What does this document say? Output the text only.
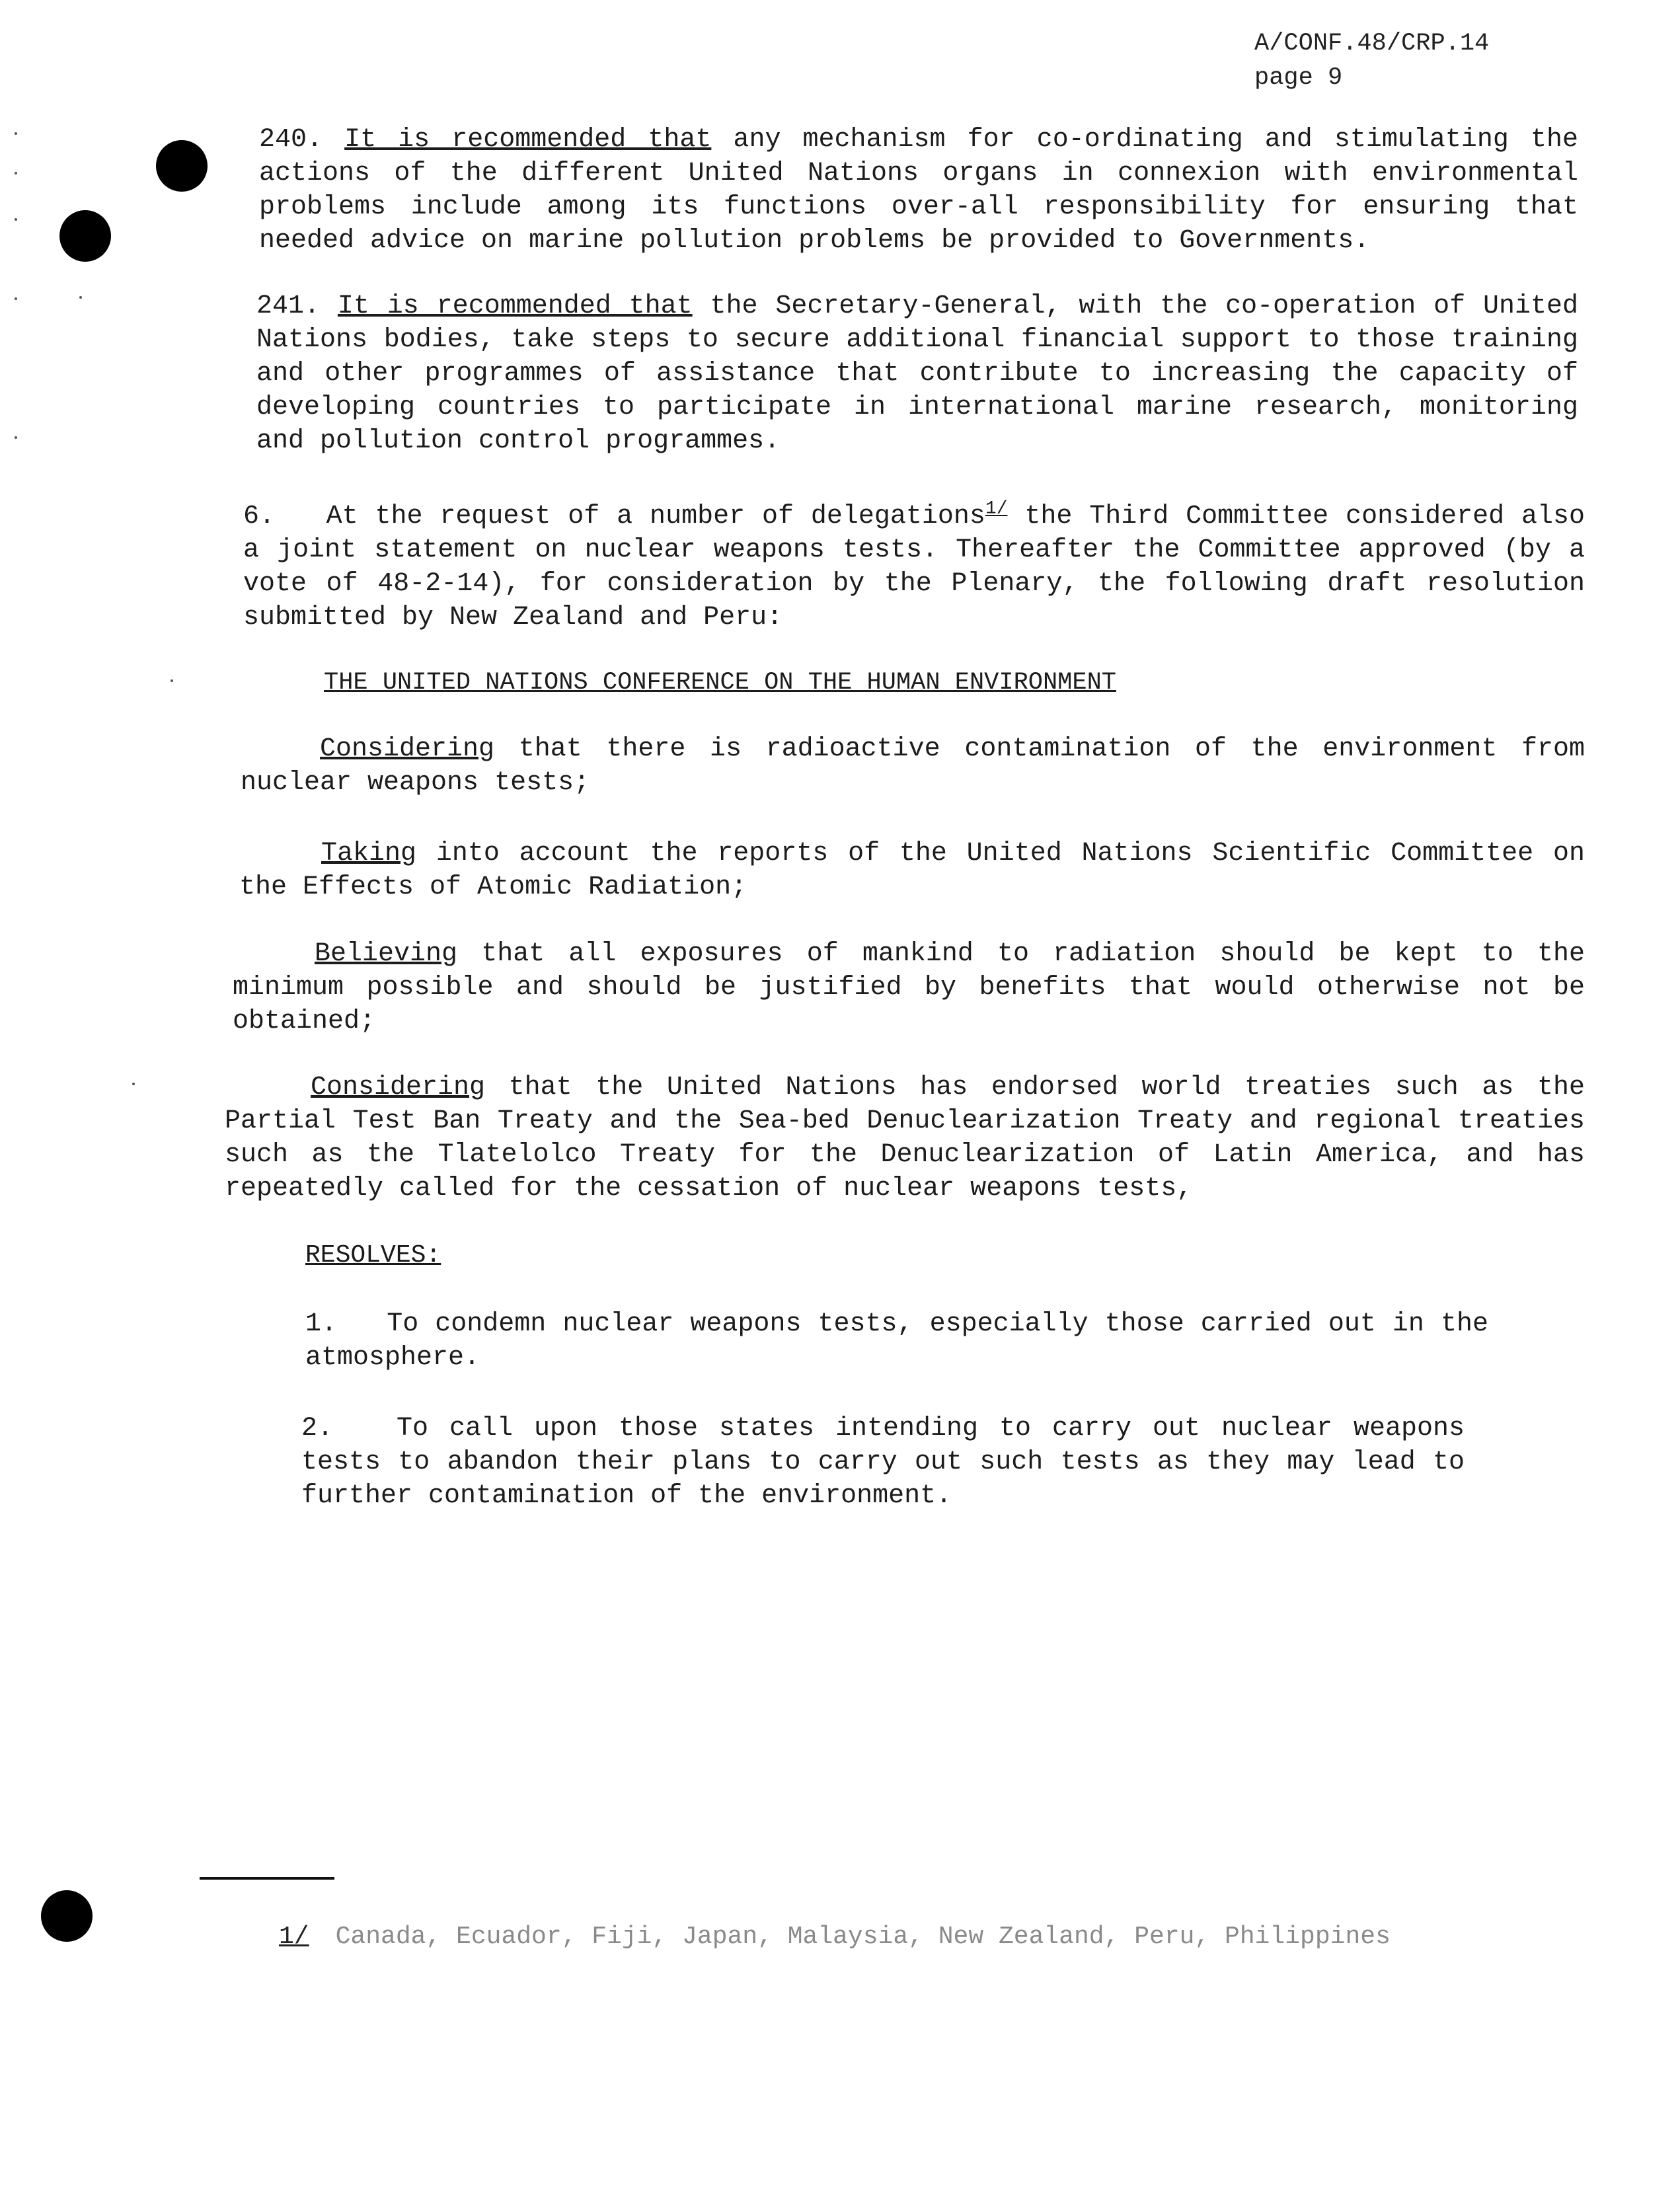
A/CONF.48/CRP.14
page 9
240. It is recommended that any mechanism for co-ordinating and stimulating the actions of the different United Nations organs in connexion with environmental problems include among its functions over-all responsibility for ensuring that needed advice on marine pollution problems be provided to Governments.
241. It is recommended that the Secretary-General, with the co-operation of United Nations bodies, take steps to secure additional financial support to those training and other programmes of assistance that contribute to increasing the capacity of developing countries to participate in international marine research, monitoring and pollution control programmes.
6. At the request of a number of delegations$^{1/}$ the Third Committee considered also a joint statement on nuclear weapons tests. Thereafter the Committee approved (by a vote of 48-2-14), for consideration by the Plenary, the following draft resolution submitted by New Zealand and Peru:
THE UNITED NATIONS CONFERENCE ON THE HUMAN ENVIRONMENT
Considering that there is radioactive contamination of the environment from nuclear weapons tests;
Taking into account the reports of the United Nations Scientific Committee on the Effects of Atomic Radiation;
Believing that all exposures of mankind to radiation should be kept to the minimum possible and should be justified by benefits that would otherwise not be obtained;
Considering that the United Nations has endorsed world treaties such as the Partial Test Ban Treaty and the Sea-bed Denuclearization Treaty and regional treaties such as the Tlatelolco Treaty for the Denuclearization of Latin America, and has repeatedly called for the cessation of nuclear weapons tests,
RESOLVES:
1. To condemn nuclear weapons tests, especially those carried out in the atmosphere.
2. To call upon those states intending to carry out nuclear weapons tests to abandon their plans to carry out such tests as they may lead to further contamination of the environment.
1/ Canada, Ecuador, Fiji, Japan, Malaysia, New Zealand, Peru, Philippines
